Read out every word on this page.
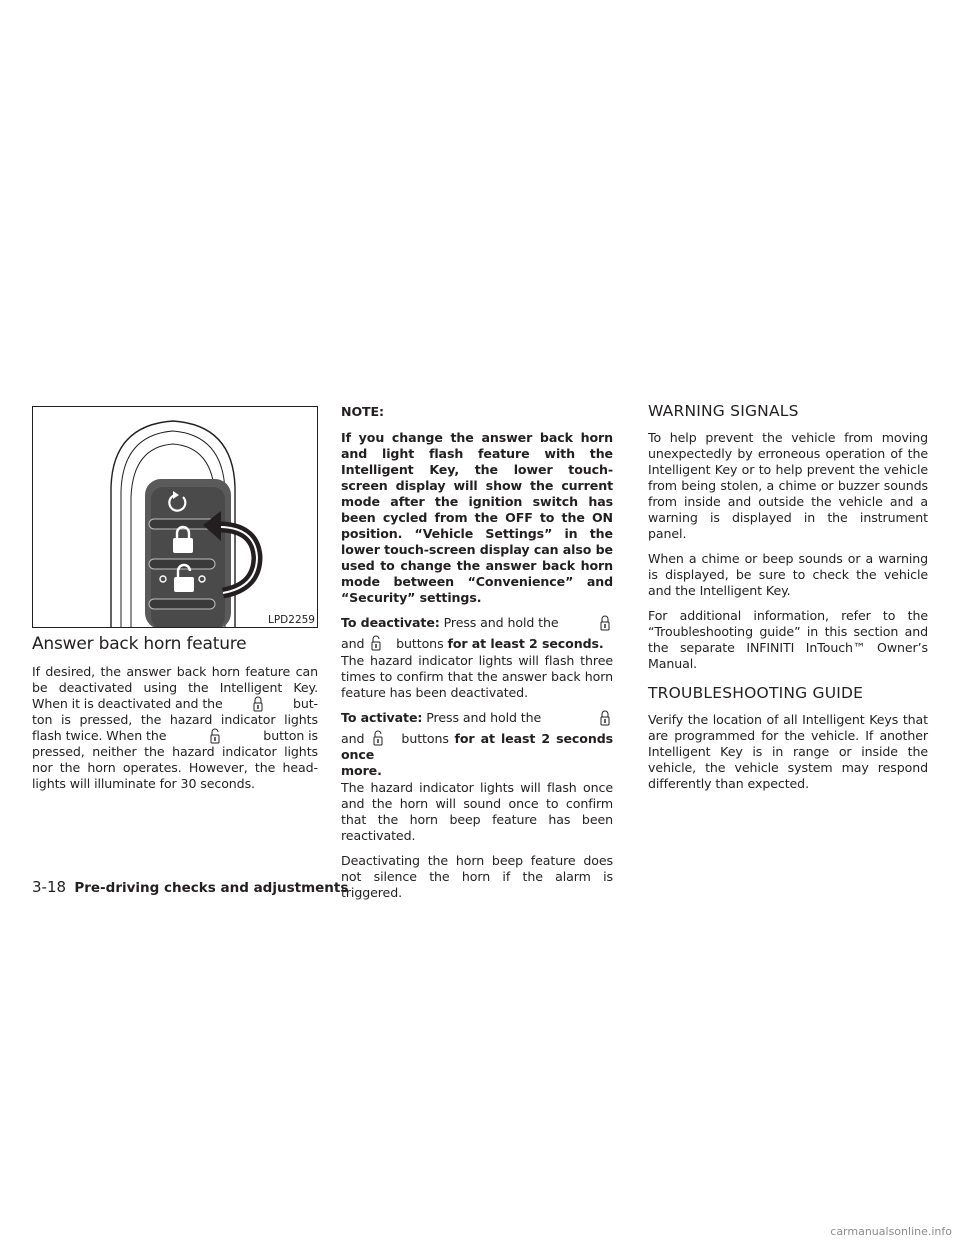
LPD2259
Answer back horn feature

If desired, the answer back horn feature can

be deactivated using the Intelligent Key.

When it is deactivated and the	but-

ton is pressed, the hazard indicator lights

flash twice. When the	button is

pressed, neither the hazard indicator lights

nor the horn operates. However, the head-

lights will illuminate for 30 seconds.

NOTE:

If you change the answer back horn and light flash feature with the Intelligent Key, the lower touch-screen display will show the current mode after the ignition switch has been cycled from the OFF to the ON position. “Vehicle Settings” in the lower touch-screen display can also be used to change the answer back horn mode between “Convenience” and “Security” settings.

To deactivate: Press and hold the

and	buttons for at least 2 seconds.

The hazard indicator lights will flash three times to confirm that the answer back horn feature has been deactivated.

To activate: Press and hold the

and	buttons for at least 2 seconds once

more.

The hazard indicator lights will flash once and the horn will sound once to confirm that the horn beep feature has been reactivated.

Deactivating the horn beep feature does not silence the horn if the alarm is triggered.

WARNING SIGNALS

To help prevent the vehicle from moving unexpectedly by erroneous operation of the Intelligent Key or to help prevent the vehicle from being stolen, a chime or buzzer sounds from inside and outside the vehicle and a warning is displayed in the instrument panel.

When a chime or beep sounds or a warning is displayed, be sure to check the vehicle and the Intelligent Key.

For additional information, refer to the “Troubleshooting guide” in this section and the separate INFINITI InTouch™ Owner’s Manual.

TROUBLESHOOTING GUIDE

Verify the location of all Intelligent Keys that are programmed for the vehicle. If another Intelligent Key is in range or inside the vehicle, the vehicle system may respond differently than expected.

3-18 Pre-driving checks and adjustments
carmanualsonline.info
